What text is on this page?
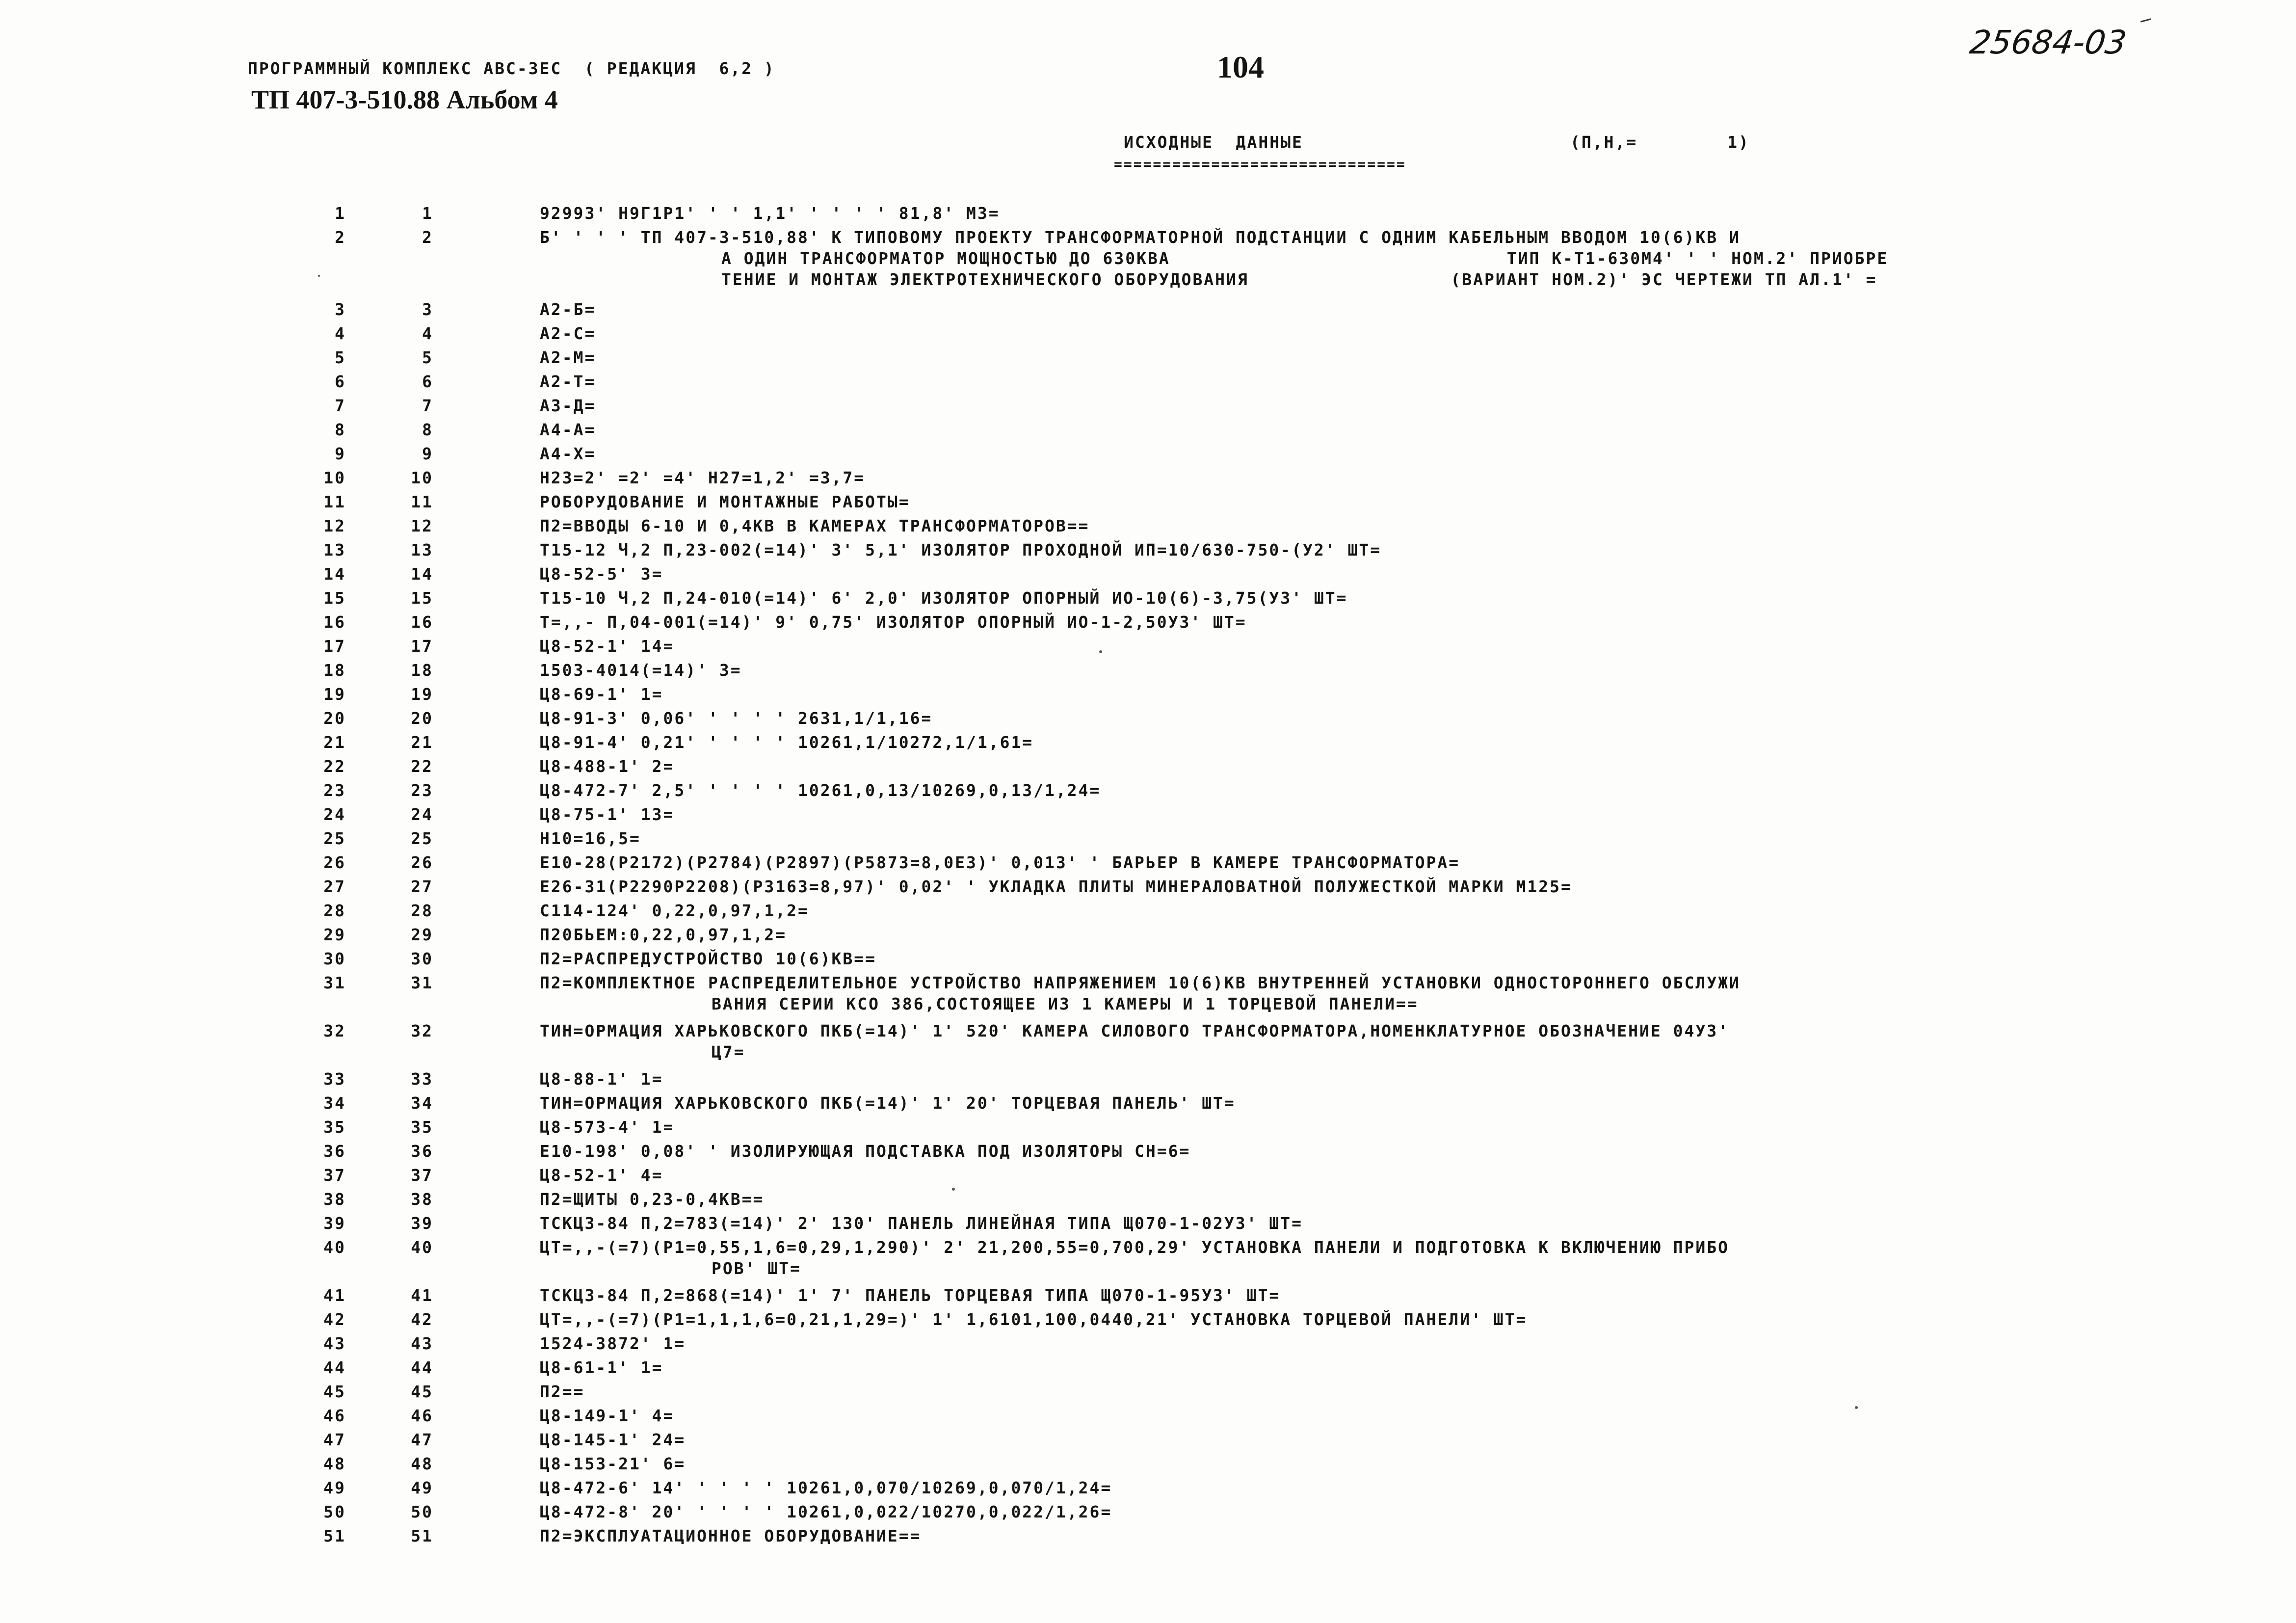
ПРОГРАММНЫЙ КОМПЛЕКС АВС-3ЕС  ( РЕДАКЦИЯ  6,2 )
ТП 407-3-510.88 Альбом 4
104
25684-03
ИСХОДНЫЕ  ДАННЫЕ
==============================
(П,Н,=        1)
1	1	92993' Н9Г1Р1' ' ' 1,1' ' ' ' ' 81,8' М3=
2	2	Б' ' ' ' ТП 407-3-510,88' К ТИПОВОМУ ПРОЕКТУ ТРАНСФОРМАТОРНОЙ ПОДСТАНЦИИ С ОДНИМ КАБЕЛЬНЫМ ВВОДОМ 10(6)КВ И
А ОДИН ТРАНСФОРМАТОР МОЩНОСТЬЮ ДО 630КВА                              ТИП К-Т1-630М4' ' ' НОМ.2' ПРИОБРЕ
ТЕНИЕ И МОНТАЖ ЭЛЕКТРОТЕХНИЧЕСКОГО ОБОРУДОВАНИЯ                  (ВАРИАНТ НОМ.2)' ЭС ЧЕРТЕЖИ ТП АЛ.1' =
3	3	А2-Б=
4	4	А2-С=
5	5	А2-М=
6	6	А2-Т=
7	7	А3-Д=
8	8	А4-А=
9	9	А4-Х=
10	10	Н23=2' =2' =4' Н27=1,2' =3,7=
11	11	РОБОРУДОВАНИЕ И МОНТАЖНЫЕ РАБОТЫ=
12	12	П2=ВВОДЫ 6-10 И 0,4КВ В КАМЕРАХ ТРАНСФОРМАТОРОВ==
13	13	Т15-12 Ч,2 П,23-002(=14)' 3' 5,1' ИЗОЛЯТОР ПРОХОДНОЙ ИП=10/630-750-(У2' ШТ=
14	14	Ц8-52-5' 3=
15	15	Т15-10 Ч,2 П,24-010(=14)' 6' 2,0' ИЗОЛЯТОР ОПОРНЫЙ ИО-10(6)-3,75(У3' ШТ=
16	16	Т=,,- П,04-001(=14)' 9' 0,75' ИЗОЛЯТОР ОПОРНЫЙ ИО-1-2,50У3' ШТ=
17	17	Ц8-52-1' 14=
18	18	1503-4014(=14)' 3=
19	19	Ц8-69-1' 1=
20	20	Ц8-91-3' 0,06' ' ' ' ' 2631,1/1,16=
21	21	Ц8-91-4' 0,21' ' ' ' ' 10261,1/10272,1/1,61=
22	22	Ц8-488-1' 2=
23	23	Ц8-472-7' 2,5' ' ' ' ' 10261,0,13/10269,0,13/1,24=
24	24	Ц8-75-1' 13=
25	25	Н10=16,5=
26	26	Е10-28(Р2172)(Р2784)(Р2897)(Р5873=8,0Е3)' 0,013' ' БАРЬЕР В КАМЕРЕ ТРАНСФОРМАТОРА=
27	27	Е26-31(Р2290Р2208)(Р3163=8,97)' 0,02' ' УКЛАДКА ПЛИТЫ МИНЕРАЛОВАТНОЙ ПОЛУЖЕСТКОЙ МАРКИ М125=
28	28	С114-124' 0,22,0,97,1,2=
29	29	П20БЬЕМ:0,22,0,97,1,2=
30	30	П2=РАСПРЕДУСТРОЙСТВО 10(6)КВ==
31	31	П2=КОМПЛЕКТНОЕ РАСПРЕДЕЛИТЕЛЬНОЕ УСТРОЙСТВО НАПРЯЖЕНИЕМ 10(6)КВ ВНУТРЕННЕЙ УСТАНОВКИ ОДНОСТОРОННЕГО ОБСЛУЖИ
ВАНИЯ СЕРИИ КСО 386,СОСТОЯЩЕЕ ИЗ 1 КАМЕРЫ И 1 ТОРЦЕВОЙ ПАНЕЛИ==
32	32	ТИН=ОРМАЦИЯ ХАРЬКОВСКОГО ПКБ(=14)' 1' 520' КАМЕРА СИЛОВОГО ТРАНСФОРМАТОРА,НОМЕНКЛАТУРНОЕ ОБОЗНАЧЕНИЕ 04У3'
Ц7=
33	33	Ц8-88-1' 1=
34	34	ТИН=ОРМАЦИЯ ХАРЬКОВСКОГО ПКБ(=14)' 1' 20' ТОРЦЕВАЯ ПАНЕЛЬ' ШТ=
35	35	Ц8-573-4' 1=
36	36	Е10-198' 0,08' ' ИЗОЛИРУЮЩАЯ ПОДСТАВКА ПОД ИЗОЛЯТОРЫ СН=6=
37	37	Ц8-52-1' 4=
38	38	П2=ЩИТЫ 0,23-0,4КВ==
39	39	ТСКЦ3-84 П,2=783(=14)' 2' 130' ПАНЕЛЬ ЛИНЕЙНАЯ ТИПА Щ070-1-02У3' ШТ=
40	40	ЦТ=,,-(=7)(Р1=0,55,1,6=0,29,1,290)' 2' 21,200,55=0,700,29' УСТАНОВКА ПАНЕЛИ И ПОДГОТОВКА К ВКЛЮЧЕНИЮ ПРИБО
РОВ' ШТ=
41	41	ТСКЦ3-84 П,2=868(=14)' 1' 7' ПАНЕЛЬ ТОРЦЕВАЯ ТИПА Щ070-1-95У3' ШТ=
42	42	ЦТ=,,-(=7)(Р1=1,1,1,6=0,21,1,29=)' 1' 1,6101,100,0440,21' УСТАНОВКА ТОРЦЕВОЙ ПАНЕЛИ' ШТ=
43	43	1524-3872' 1=
44	44	Ц8-61-1' 1=
45	45	П2==
46	46	Ц8-149-1' 4=
47	47	Ц8-145-1' 24=
48	48	Ц8-153-21' 6=
49	49	Ц8-472-6' 14' ' ' ' ' 10261,0,070/10269,0,070/1,24=
50	50	Ц8-472-8' 20' ' ' ' ' 10261,0,022/10270,0,022/1,26=
51	51	П2=ЭКСПЛУАТАЦИОННОЕ ОБОРУДОВАНИЕ==
